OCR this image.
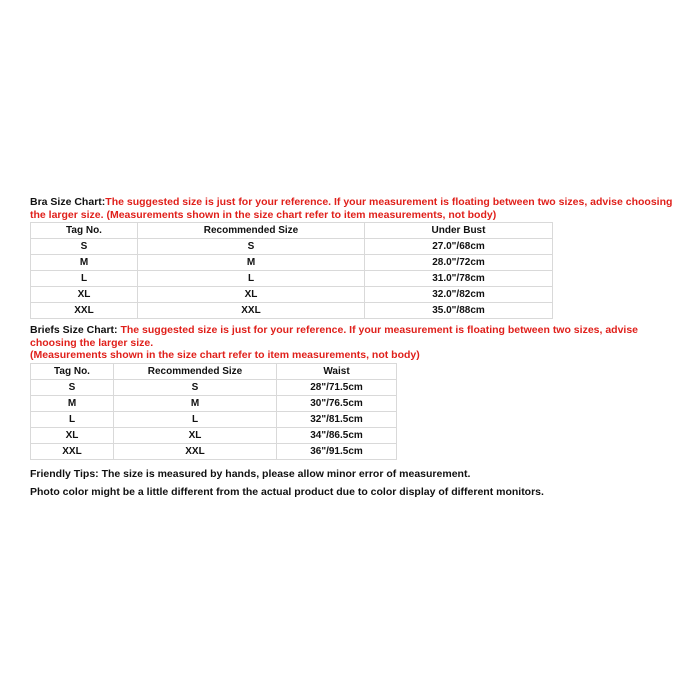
Bra Size Chart:The suggested size is just for your reference. If your measurement is floating between two sizes, advise choosing the larger size. (Measurements shown in the size chart refer to item measurements, not body)

Tag No.	Recommended Size	Under Bust
S	S	27.0"/68cm
M	M	28.0"/72cm
L	L	31.0"/78cm
XL	XL	32.0"/82cm
XXL	XXL	35.0"/88cm

Briefs Size Chart: The suggested size is just for your reference. If your measurement is floating between two sizes, advise choosing the larger size.

(Measurements shown in the size chart refer to item measurements, not body)
Tag No.	Recommended Size	Waist
S	S	28"/71.5cm
M	M	30"/76.5cm
L	L	32"/81.5cm
XL	XL	34"/86.5cm
XXL	XXL	36"/91.5cm
Friendly Tips: The size is measured by hands, please allow minor error of measurement.
Photo color might be a little different from the actual product due to color display of different monitors.
